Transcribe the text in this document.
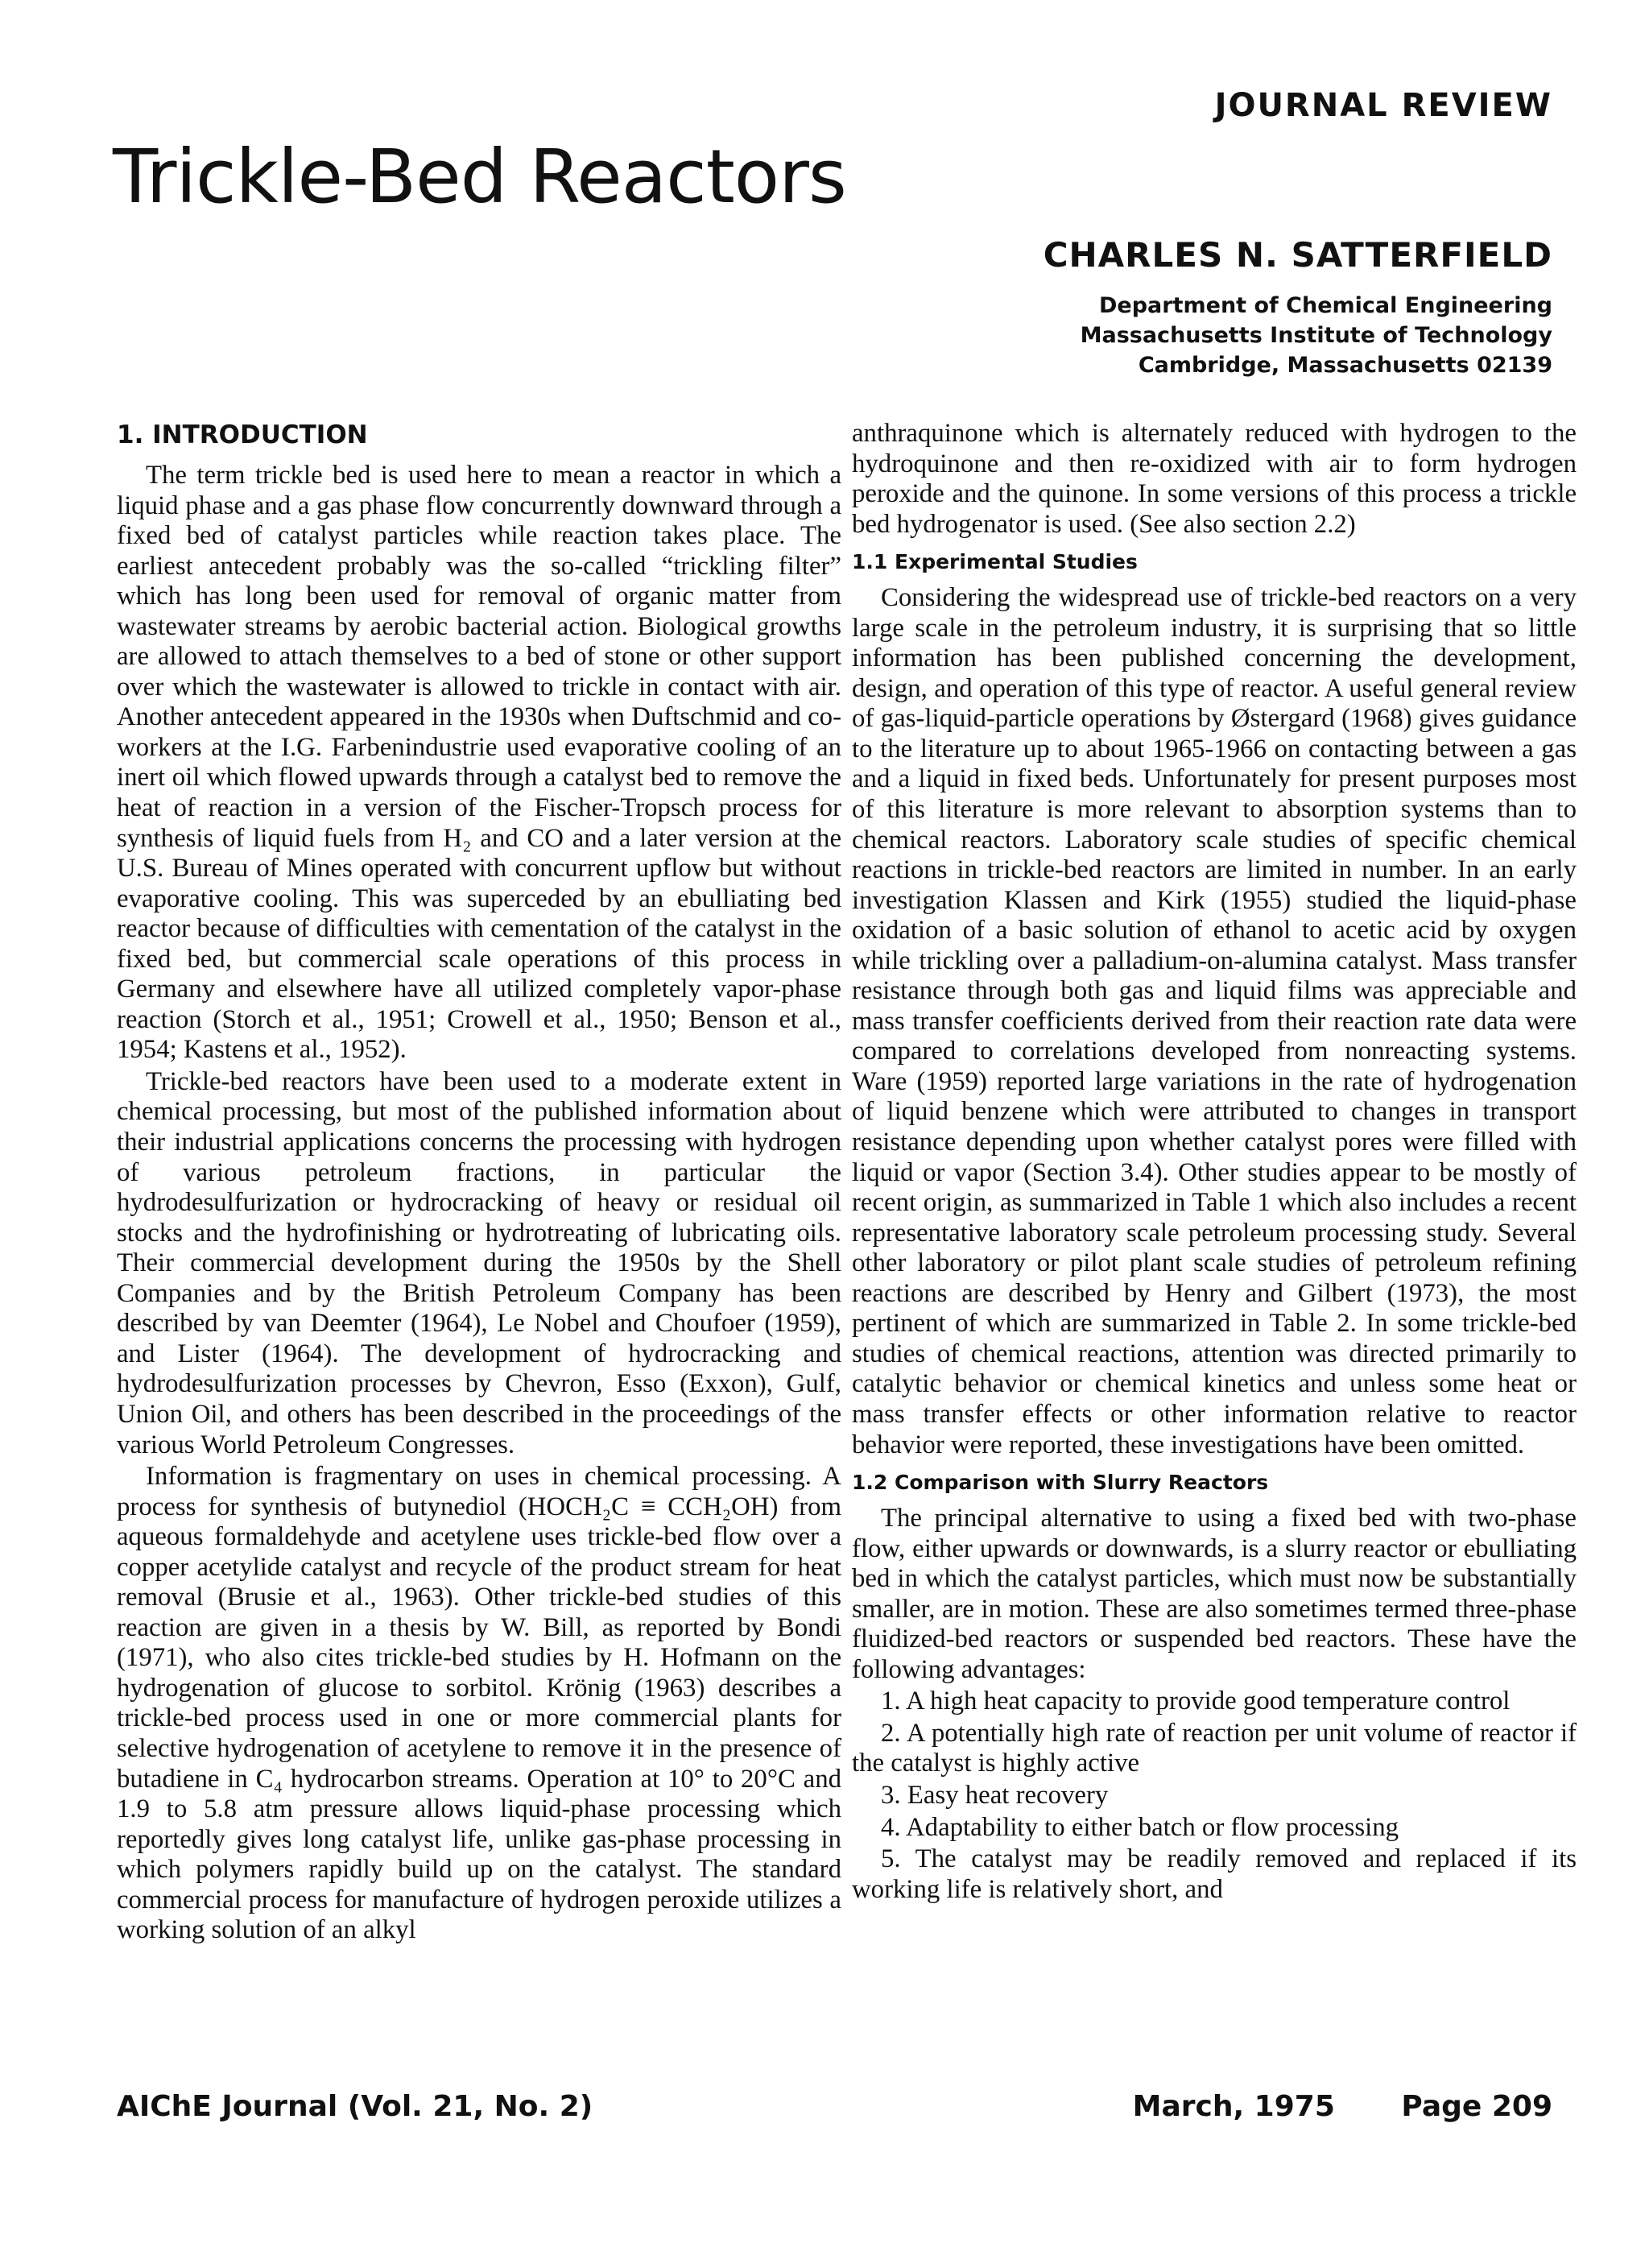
JOURNAL REVIEW
Trickle-Bed Reactors
CHARLES N. SATTERFIELD
Department of Chemical Engineering
Massachusetts Institute of Technology
Cambridge, Massachusetts 02139
1. INTRODUCTION

The term trickle bed is used here to mean a reactor in which a liquid phase and a gas phase flow concurrently downward through a fixed bed of catalyst particles while reaction takes place. The earliest antecedent probably was the so-called “trickling filter” which has long been used for removal of organic matter from wastewater streams by aerobic bacterial action. Biological growths are allowed to attach themselves to a bed of stone or other support over which the wastewater is allowed to trickle in contact with air. Another antecedent appeared in the 1930s when Duftschmid and co-workers at the I.G. Farbenindustrie used evaporative cooling of an inert oil which flowed upwards through a catalyst bed to remove the heat of reaction in a version of the Fischer-Tropsch process for synthesis of liquid fuels from H₂ and CO and a later version at the U.S. Bureau of Mines operated with concurrent upflow but without evaporative cooling. This was superceded by an ebulliating bed reactor because of difficulties with cementation of the catalyst in the fixed bed, but commercial scale operations of this process in Germany and elsewhere have all utilized completely vapor-phase reaction (Storch et al., 1951; Crowell et al., 1950; Benson et al., 1954; Kastens et al., 1952).

Trickle-bed reactors have been used to a moderate extent in chemical processing, but most of the published information about their industrial applications concerns the processing with hydrogen of various petroleum fractions, in particular the hydrodesulfurization or hydrocracking of heavy or residual oil stocks and the hydrofinishing or hydrotreating of lubricating oils. Their commercial development during the 1950s by the Shell Companies and by the British Petroleum Company has been described by van Deemter (1964), Le Nobel and Choufoer (1959), and Lister (1964). The development of hydrocracking and hydrodesulfurization processes by Chevron, Esso (Exxon), Gulf, Union Oil, and others has been described in the proceedings of the various World Petroleum Congresses.

Information is fragmentary on uses in chemical processing. A process for synthesis of butynediol (HOCH₂C ≡ CCH₂OH) from aqueous formaldehyde and acetylene uses trickle-bed flow over a copper acetylide catalyst and recycle of the product stream for heat removal (Brusie et al., 1963). Other trickle-bed studies of this reaction are given in a thesis by W. Bill, as reported by Bondi (1971), who also cites trickle-bed studies by H. Hofmann on the hydrogenation of glucose to sorbitol. Krönig (1963) describes a trickle-bed process used in one or more commercial plants for selective hydrogenation of acetylene to remove it in the presence of butadiene in C₄ hydrocarbon streams. Operation at 10° to 20°C and 1.9 to 5.8 atm pressure allows liquid-phase processing which reportedly gives long catalyst life, unlike gas-phase processing in which polymers rapidly build up on the catalyst. The standard commercial process for manufacture of hydrogen peroxide utilizes a working solution of an alkyl

anthraquinone which is alternately reduced with hydrogen to the hydroquinone and then re-oxidized with air to form hydrogen peroxide and the quinone. In some versions of this process a trickle bed hydrogenator is used. (See also section 2.2)

1.1 Experimental Studies

Considering the widespread use of trickle-bed reactors on a very large scale in the petroleum industry, it is surprising that so little information has been published concerning the development, design, and operation of this type of reactor. A useful general review of gas-liquid-particle operations by Østergard (1968) gives guidance to the literature up to about 1965-1966 on contacting between a gas and a liquid in fixed beds. Unfortunately for present purposes most of this literature is more relevant to absorption systems than to chemical reactors. Laboratory scale studies of specific chemical reactions in trickle-bed reactors are limited in number. In an early investigation Klassen and Kirk (1955) studied the liquid-phase oxidation of a basic solution of ethanol to acetic acid by oxygen while trickling over a palladium-on-alumina catalyst. Mass transfer resistance through both gas and liquid films was appreciable and mass transfer coefficients derived from their reaction rate data were compared to correlations developed from nonreacting systems. Ware (1959) reported large variations in the rate of hydrogenation of liquid benzene which were attributed to changes in transport resistance depending upon whether catalyst pores were filled with liquid or vapor (Section 3.4). Other studies appear to be mostly of recent origin, as summarized in Table 1 which also includes a recent representative laboratory scale petroleum processing study. Several other laboratory or pilot plant scale studies of petroleum refining reactions are described by Henry and Gilbert (1973), the most pertinent of which are summarized in Table 2. In some trickle-bed studies of chemical reactions, attention was directed primarily to catalytic behavior or chemical kinetics and unless some heat or mass transfer effects or other information relative to reactor behavior were reported, these investigations have been omitted.

1.2 Comparison with Slurry Reactors

The principal alternative to using a fixed bed with two-phase flow, either upwards or downwards, is a slurry reactor or ebulliating bed in which the catalyst particles, which must now be substantially smaller, are in motion. These are also sometimes termed three-phase fluidized-bed reactors or suspended bed reactors. These have the following advantages:

1. A high heat capacity to provide good temperature control

2. A potentially high rate of reaction per unit volume of reactor if the catalyst is highly active

3. Easy heat recovery

4. Adaptability to either batch or flow processing

5. The catalyst may be readily removed and replaced if its working life is relatively short, and

AIChE Journal (Vol. 21, No. 2)	March, 1975 Page 209
